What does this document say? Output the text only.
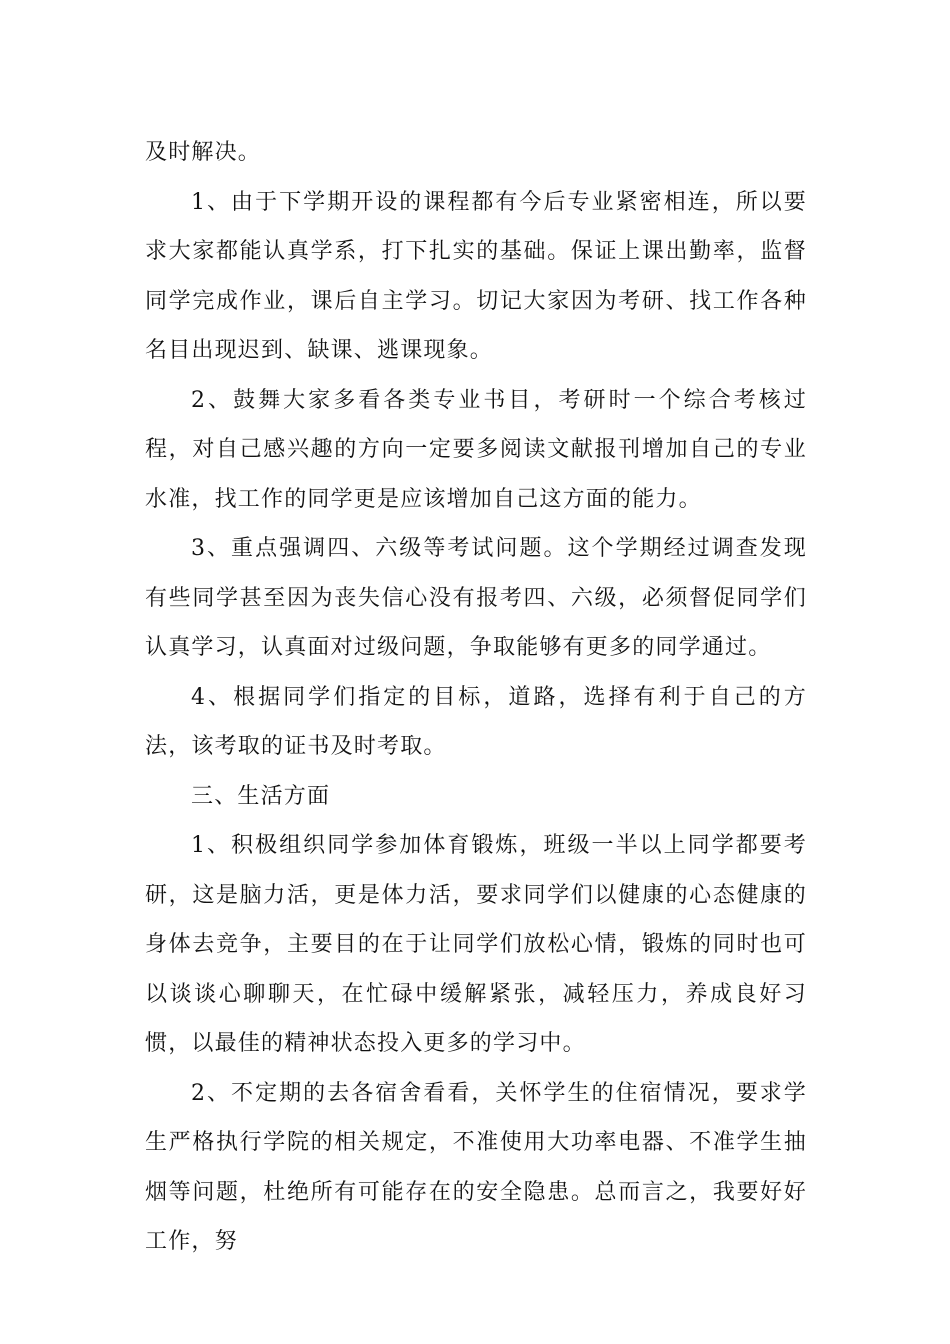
及时解决。

1、由于下学期开设的课程都有今后专业紧密相连，所以要求大家都能认真学系，打下扎实的基础。保证上课出勤率，监督同学完成作业，课后自主学习。切记大家因为考研、找工作各种名目出现迟到、缺课、逃课现象。

2、鼓舞大家多看各类专业书目，考研时一个综合考核过程，对自己感兴趣的方向一定要多阅读文献报刊增加自己的专业水准，找工作的同学更是应该增加自己这方面的能力。

3、重点强调四、六级等考试问题。这个学期经过调查发现有些同学甚至因为丧失信心没有报考四、六级，必须督促同学们认真学习，认真面对过级问题，争取能够有更多的同学通过。

4、根据同学们指定的目标，道路，选择有利于自己的方法，该考取的证书及时考取。

三、生活方面

1、积极组织同学参加体育锻炼，班级一半以上同学都要考研，这是脑力活，更是体力活，要求同学们以健康的心态健康的身体去竞争，主要目的在于让同学们放松心情，锻炼的同时也可以谈谈心聊聊天，在忙碌中缓解紧张，减轻压力，养成良好习惯，以最佳的精神状态投入更多的学习中。

2、不定期的去各宿舍看看，关怀学生的住宿情况，要求学生严格执行学院的相关规定，不准使用大功率电器、不准学生抽烟等问题，杜绝所有可能存在的安全隐患。总而言之，我要好好工作，努
